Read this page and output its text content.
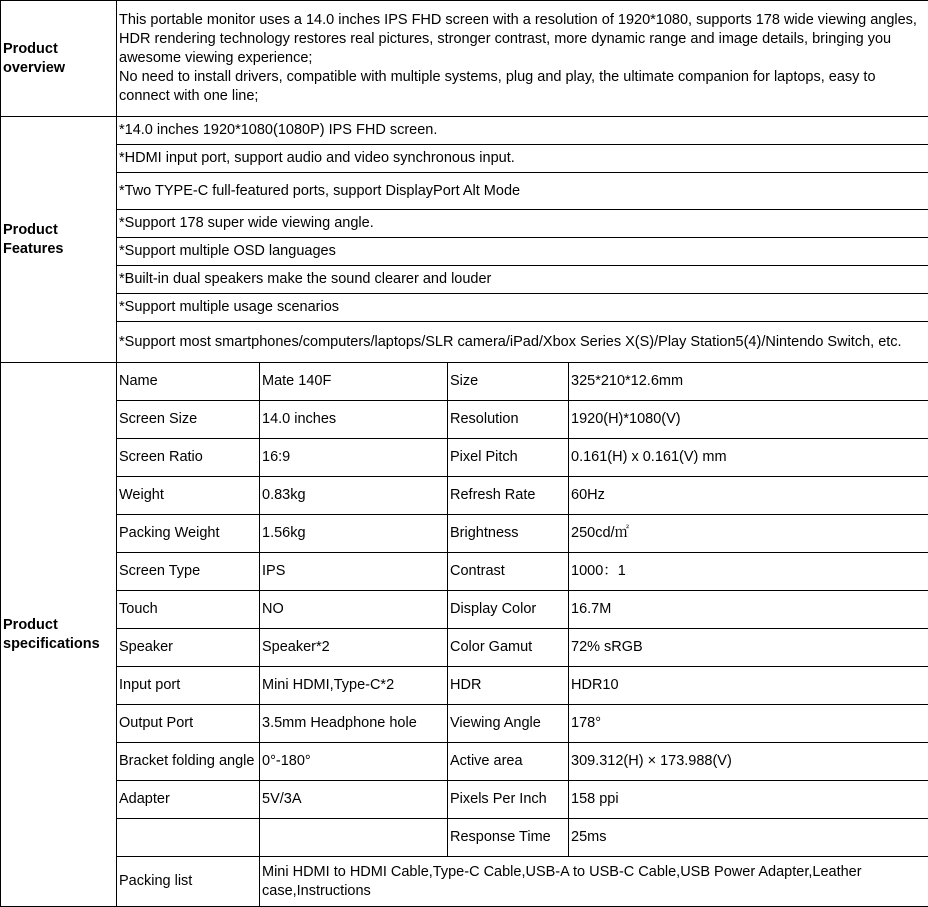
Product overview	This portable monitor uses a 14.0 inches IPS FHD screen with a resolution of 1920*1080, supports 178 wide viewing angles, HDR rendering technology restores real pictures, stronger contrast, more dynamic range and image details, bringing you awesome viewing experience;
No need to install drivers, compatible with multiple systems, plug and play, the ultimate companion for laptops, easy to connect with one line;			
Product Features	*14.0 inches 1920*1080(1080P) IPS FHD screen.			
	*HDMI input port, support audio and video synchronous input.			
	*Two TYPE-C full-featured ports, support DisplayPort Alt Mode			
	*Support 178 super wide viewing angle.			
	*Support multiple OSD languages			
	*Built-in dual speakers make the sound clearer and louder			
	*Support multiple usage scenarios			
	*Support most smartphones/computers/laptops/SLR camera/iPad/Xbox Series X(S)/Play Station5(4)/Nintendo Switch, etc.			
Product specifications	Name	Mate 140F	Size	325*210*12.6mm
	Screen Size	14.0 inches	Resolution	1920(H)*1080(V)
	Screen Ratio	16:9	Pixel Pitch	0.161(H) x 0.161(V) mm
	Weight	0.83kg	Refresh Rate	60Hz
	Packing Weight	1.56kg	Brightness	250cd/㎡
	Screen Type	IPS	Contrast	1000：1
	Touch	NO	Display Color	16.7M
	Speaker	Speaker*2	Color Gamut	72% sRGB
	Input port	Mini HDMI,Type-C*2	HDR	HDR10
	Output Port	3.5mm Headphone hole	Viewing Angle	178°
	Bracket folding angle	0°-180°	Active area	309.312(H) × 173.988(V)
	Adapter	5V/3A	Pixels Per Inch	158 ppi
			Response Time	25ms
	Packing list	Mini HDMI to HDMI Cable,Type-C Cable,USB-A to USB-C Cable,USB Power Adapter,Leather case,Instructions		
